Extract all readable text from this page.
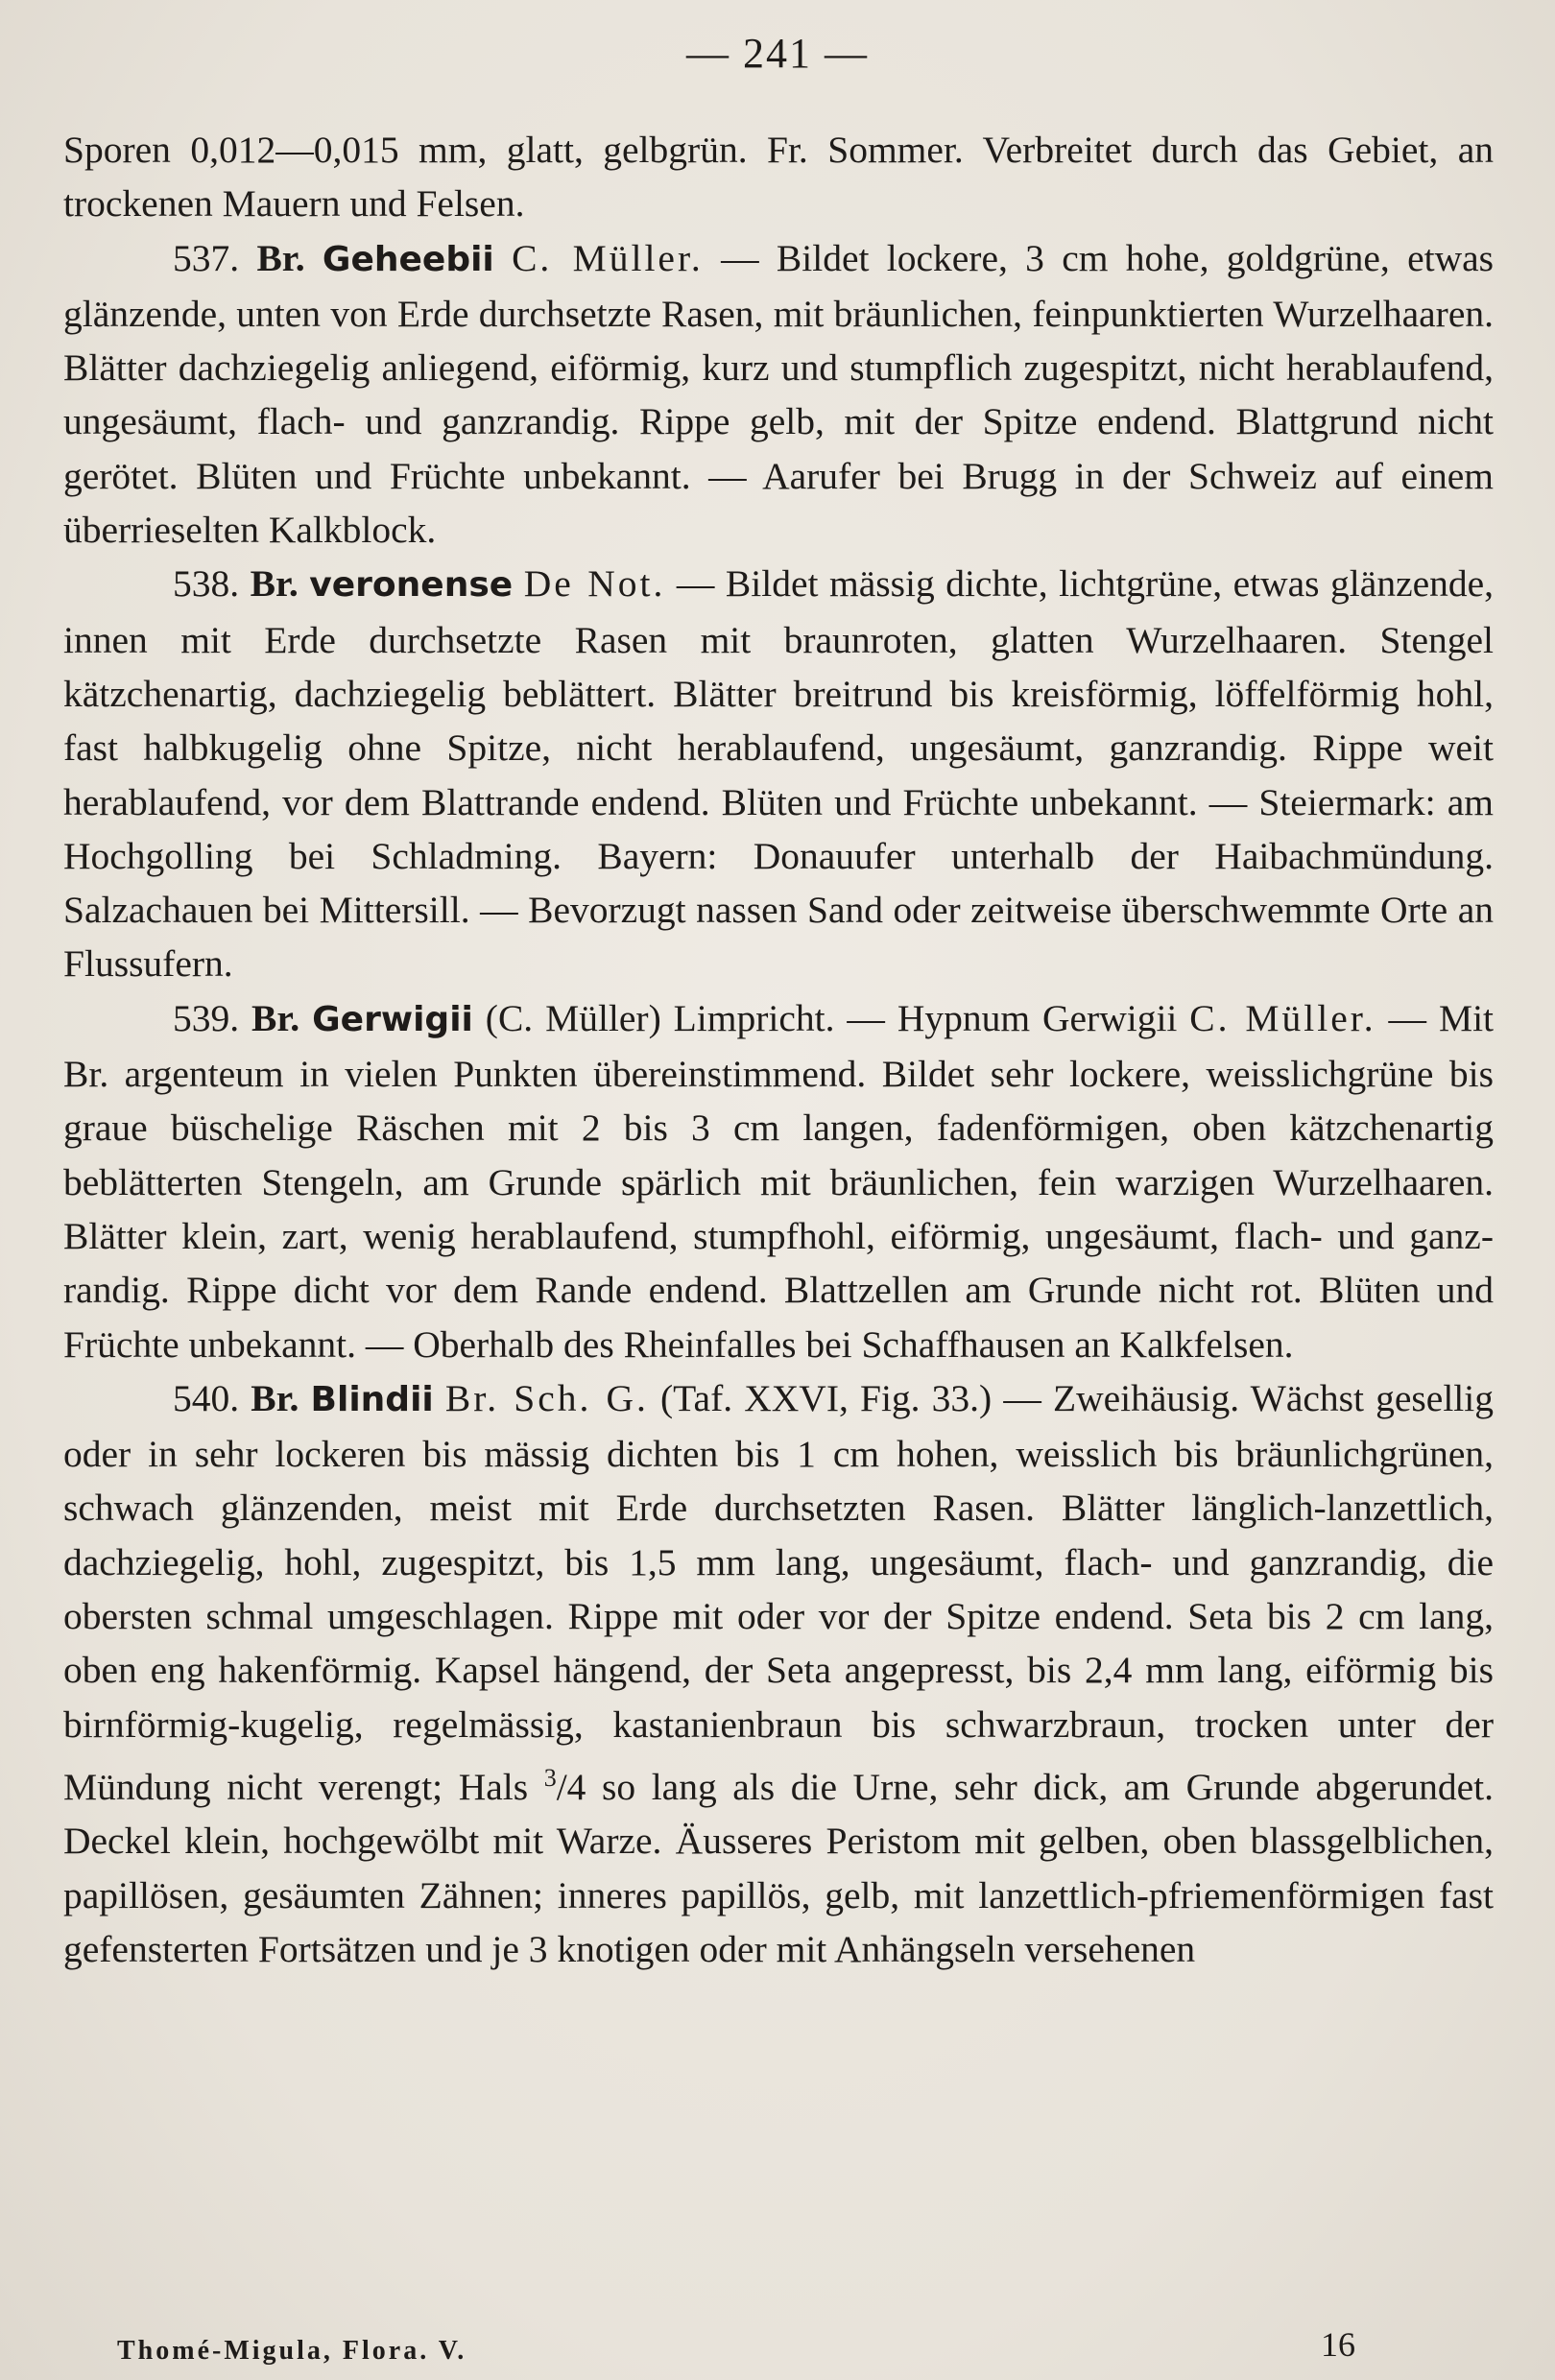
— 241 —

Sporen 0,012—0,015 mm, glatt, gelbgrün. Fr. Sommer. Verbreitet durch das Gebiet, an trockenen Mauern und Felsen.

537. Br. Geheebii C. Müller. — Bildet lockere, 3 cm hohe, goldgrüne, etwas glänzende, unten von Erde durchsetzte Rasen, mit bräunlichen, feinpunktierten Wurzelhaaren. Blätter dachziegelig anliegend, eiförmig, kurz und stumpflich zugespitzt, nicht herablaufend, ungesäumt, flach- und ganzrandig. Rippe gelb, mit der Spitze endend. Blattgrund nicht gerötet. Blüten und Früchte unbekannt. — Aarufer bei Brugg in der Schweiz auf einem überrieselten Kalkblock.

538. Br. veronense De Not. — Bildet mässig dichte, lichtgrüne, etwas glänzende, innen mit Erde durchsetzte Rasen mit braunroten, glatten Wurzelhaaren. Stengel kätzchenartig, dachziegelig beblättert. Blätter breitrund bis kreisförmig, löffelförmig hohl, fast halbkugelig ohne Spitze, nicht herablaufend, ungesäumt, ganzrandig. Rippe weit herablaufend, vor dem Blattrande endend. Blüten und Früchte unbekannt. — Steiermark: am Hochgolling bei Schladming. Bayern: Donauufer unterhalb der Haibachmündung. Salzachauen bei Mittersill. — Bevorzugt nassen Sand oder zeitweise überschwemmte Orte an Flussufern.

539. Br. Gerwigii (C. Müller) Limpricht. — Hypnum Gerwigii C. Müller. — Mit Br. argenteum in vielen Punkten übereinstimmend. Bildet sehr lockere, weisslichgrüne bis graue büschelige Räschen mit 2 bis 3 cm langen, fadenförmigen, oben kätzchenartig beblätterten Stengeln, am Grunde spärlich mit bräunlichen, fein warzigen Wurzelhaaren. Blätter klein, zart, wenig herablaufend, stumpfhohl, eiförmig, ungesäumt, flach- und ganzrandig. Rippe dicht vor dem Rande endend. Blattzellen am Grunde nicht rot. Blüten und Früchte unbekannt. — Oberhalb des Rheinfalles bei Schaffhausen an Kalkfelsen.

540. Br. Blindii Br. Sch. G. (Taf. XXVI, Fig. 33.) — Zweihäusig. Wächst gesellig oder in sehr lockeren bis mässig dichten bis 1 cm hohen, weisslich bis bräunlichgrünen, schwach glänzenden, meist mit Erde durchsetzten Rasen. Blätter länglich-lanzettlich, dachziegelig, hohl, zugespitzt, bis 1,5 mm lang, ungesäumt, flach- und ganzrandig, die obersten schmal umgeschlagen. Rippe mit oder vor der Spitze endend. Seta bis 2 cm lang, oben eng hakenförmig. Kapsel hängend, der Seta angepresst, bis 2,4 mm lang, eiförmig bis birnförmig-kugelig, regelmässig, kastanienbraun bis schwarzbraun, trocken unter der Mündung nicht verengt; Hals $^3$/4 so lang als die Urne, sehr dick, am Grunde abgerundet. Deckel klein, hochgewölbt mit Warze. Äusseres Peristom mit gelben, oben blassgelblichen, papillösen, gesäumten Zähnen; inneres papillös, gelb, mit lanzettlich-pfriemenförmigen fast gefensterten Fortsätzen und je 3 knotigen oder mit Anhängseln versehenen

Thomé-Migula, Flora. V.	16
